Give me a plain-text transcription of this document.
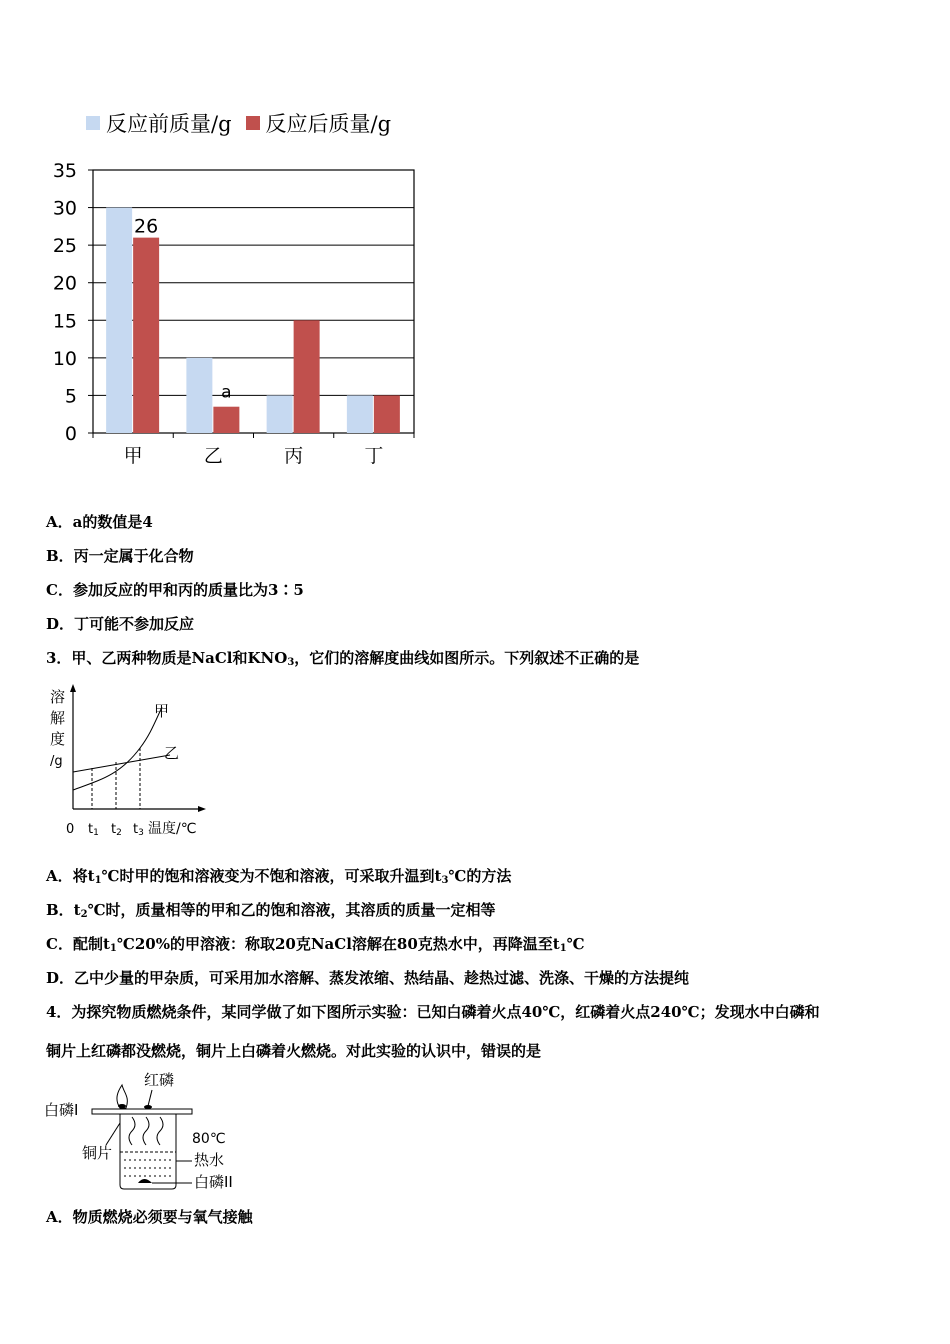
反应前质量/g 反应后质量/g
0
5
10
15
20
25
30
35
甲	乙	丙	丁
26
a
A．a的数值是4
B．丙一定属于化合物
C．参加反应的甲和丙的质量比为3∶5
D．丁可能不参加反应
3．甲、乙两种物质是NaCl和$KNO_3$，它们的溶解度曲线如图所示。下列叙述不正确的是
溶
解
度
/g
甲
乙
0 t1 t2 t3 温度/℃
A．将$t_1℃$时甲的饱和溶液变为不饱和溶液，可采取升温到$t_3℃$的方法
B．$t_2℃$时，质量相等的甲和乙的饱和溶液，其溶质的质量一定相等
C．配制$t_1℃20\%$的甲溶液：称取20克NaCl溶解在80克热水中，再降温至$t_1℃$
D．乙中少量的甲杂质，可采用加水溶解、蒸发浓缩、热结晶、趁热过滤、洗涤、干燥的方法提纯
4．为探究物质燃烧条件，某同学做了如下图所示实验：已知白磷着火点40℃，红磷着火点240℃；发现水中白磷和
铜片上红磷都没燃烧，铜片上白磷着火燃烧。对此实验的认识中，错误的是
红磷
白磷I
铜片
80℃
热水
白磷II
A．物质燃烧必须要与氧气接触
